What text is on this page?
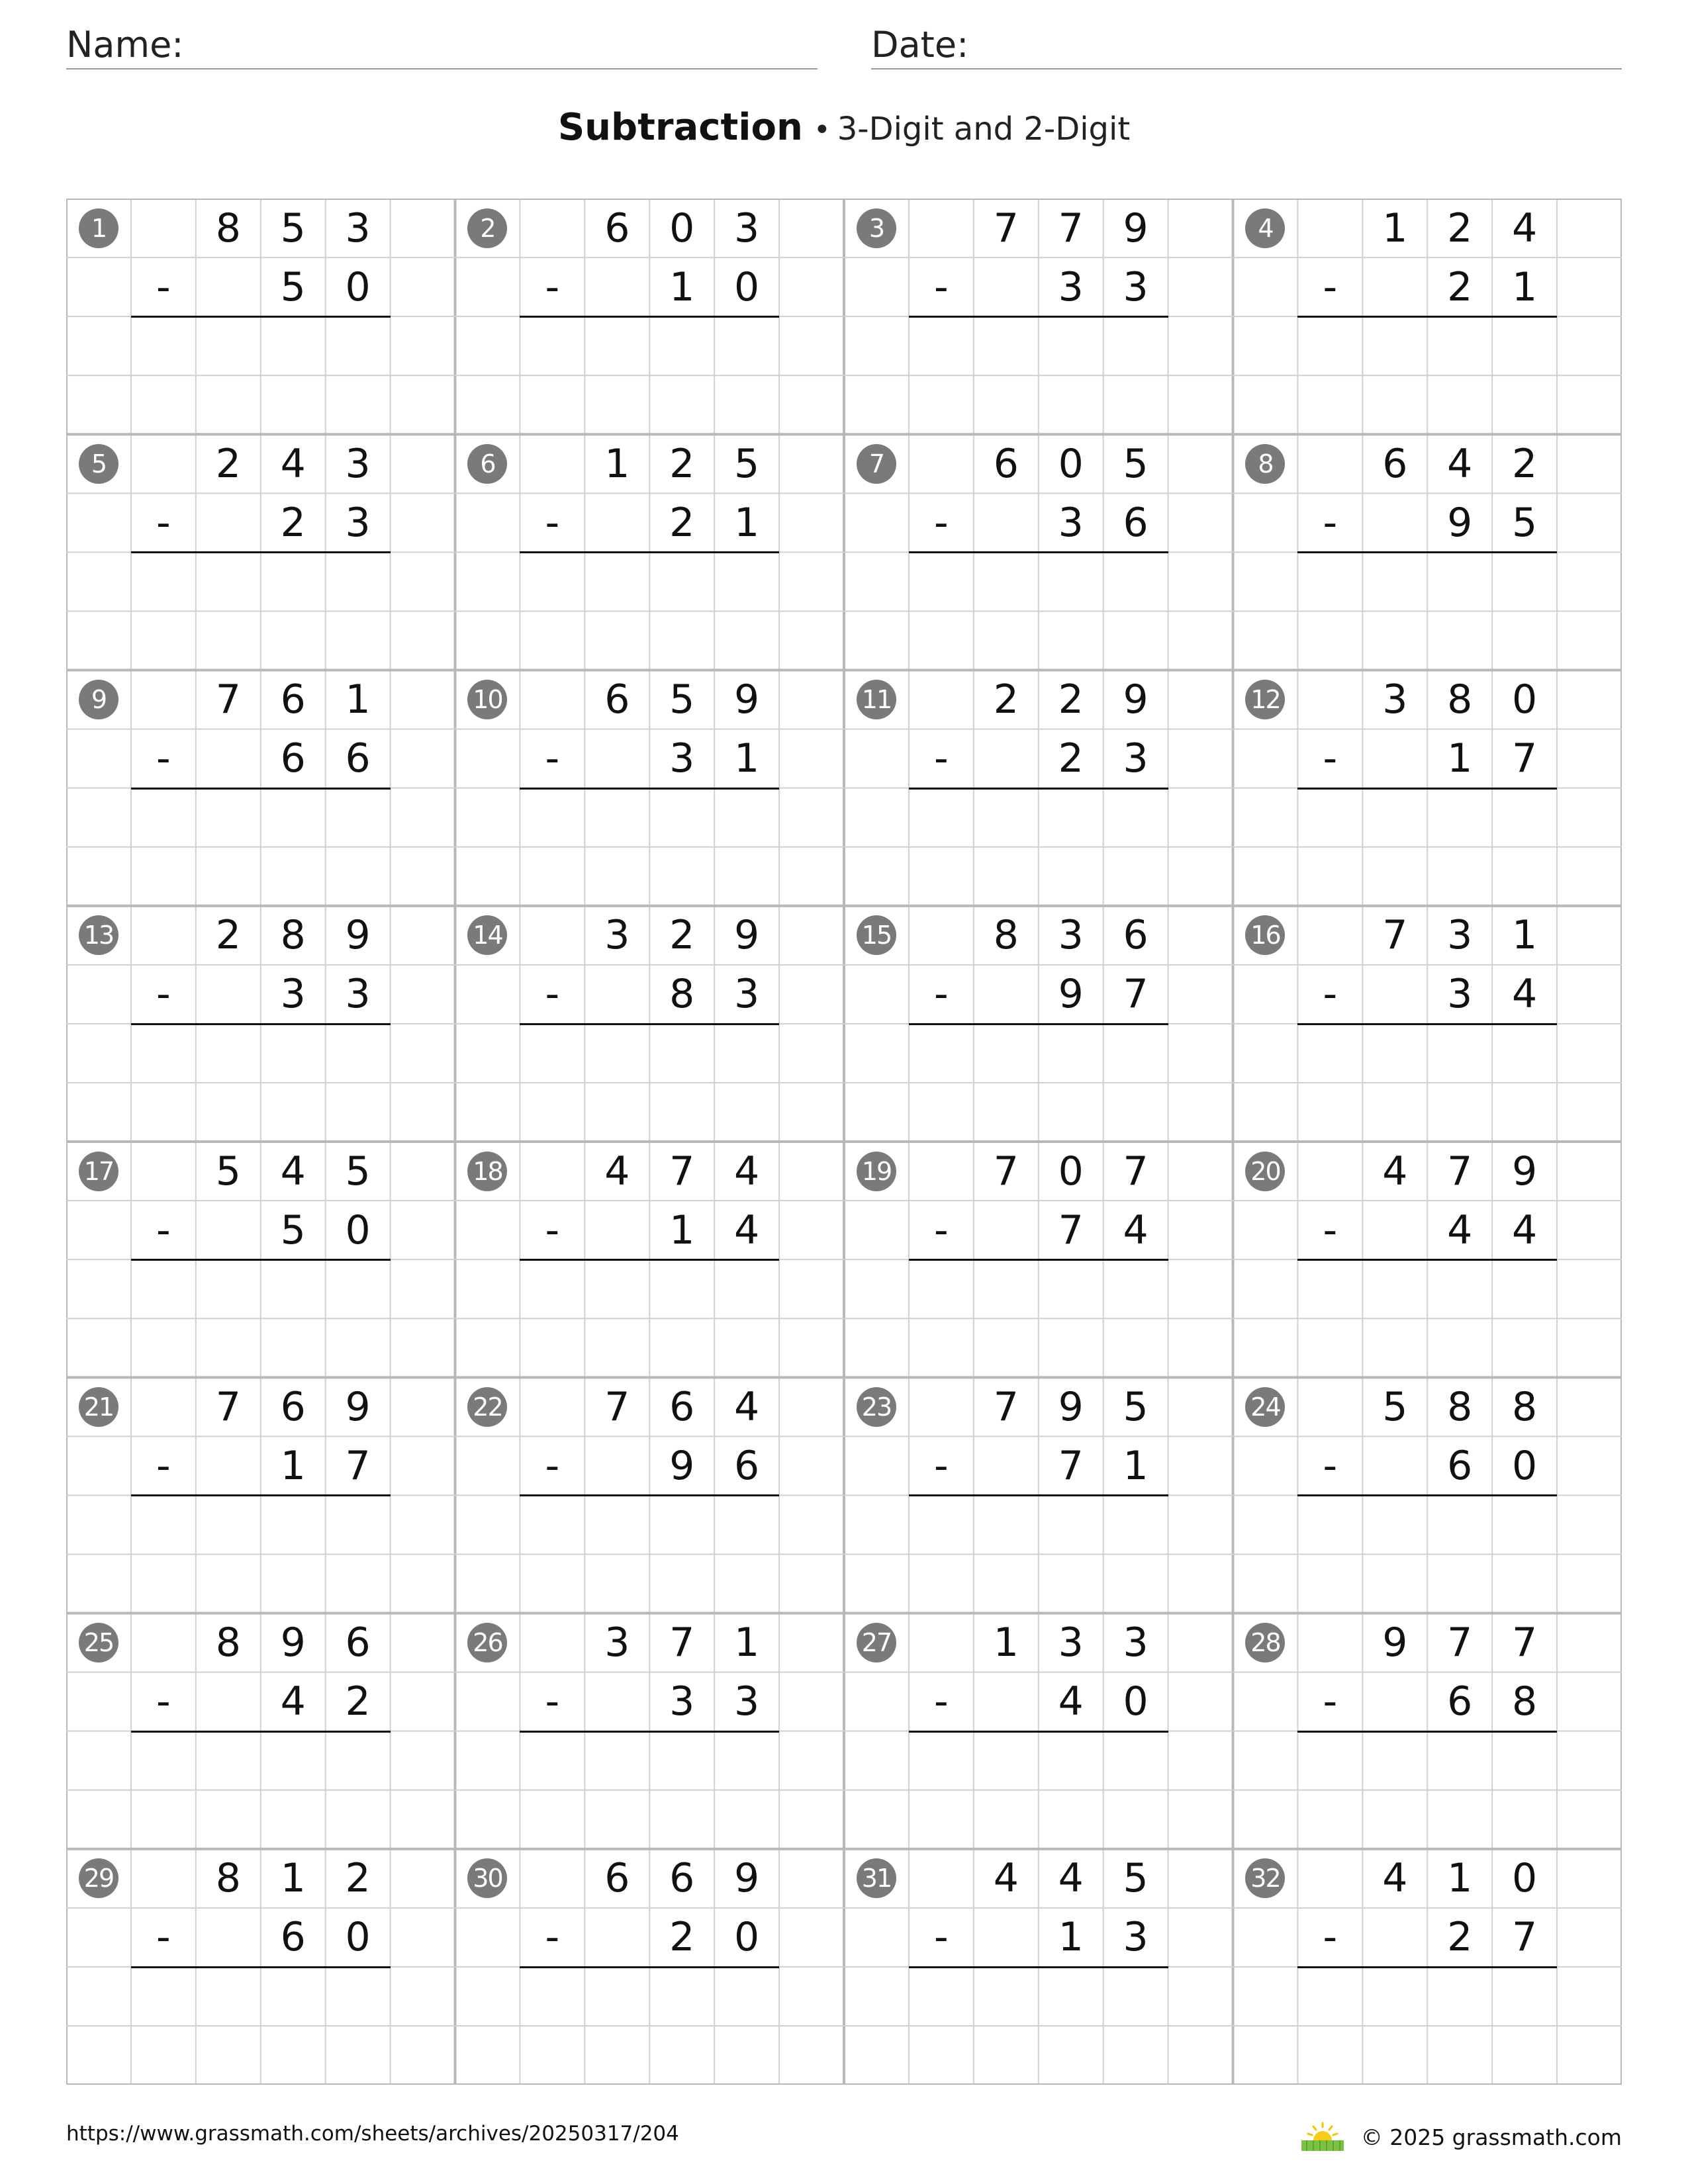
Name:	Date:
Subtraction • 3-Digit and 2-Digit
1	8 5 3
-	5 0
2	6 0 3
-	1 0
3	7 7 9
-	3 3
4	1 2 4
-	2 1
5	2 4 3
-	2 3
6	1 2 5
-	2 1
7	6 0 5
-	3 6
8	6 4 2
-	9 5
9	7 6 1
-	6 6
10	6 5 9
-	3 1
11	2 2 9
-	2 3
12	3 8 0
-	1 7
13	2 8 9
-	3 3
14	3 2 9
-	8 3
15	8 3 6
-	9 7
16	7 3 1
-	3 4
17	5 4 5
-	5 0
18	4 7 4
-	1 4
19	7 0 7
-	7 4
20	4 7 9
-	4 4
21	7 6 9
-	1 7
22	7 6 4
-	9 6
23	7 9 5
-	7 1
24	5 8 8
-	6 0
25	8 9 6
-	4 2
26	3 7 1
-	3 3
27	1 3 3
-	4 0
28	9 7 7
-	6 8
29	8 1 2
-	6 0
30	6 6 9
-	2 0
31	4 4 5
-	1 3
32	4 1 0
-	2 7
https://www.grassmath.com/sheets/archives/20250317/204	© 2025 grassmath.com
